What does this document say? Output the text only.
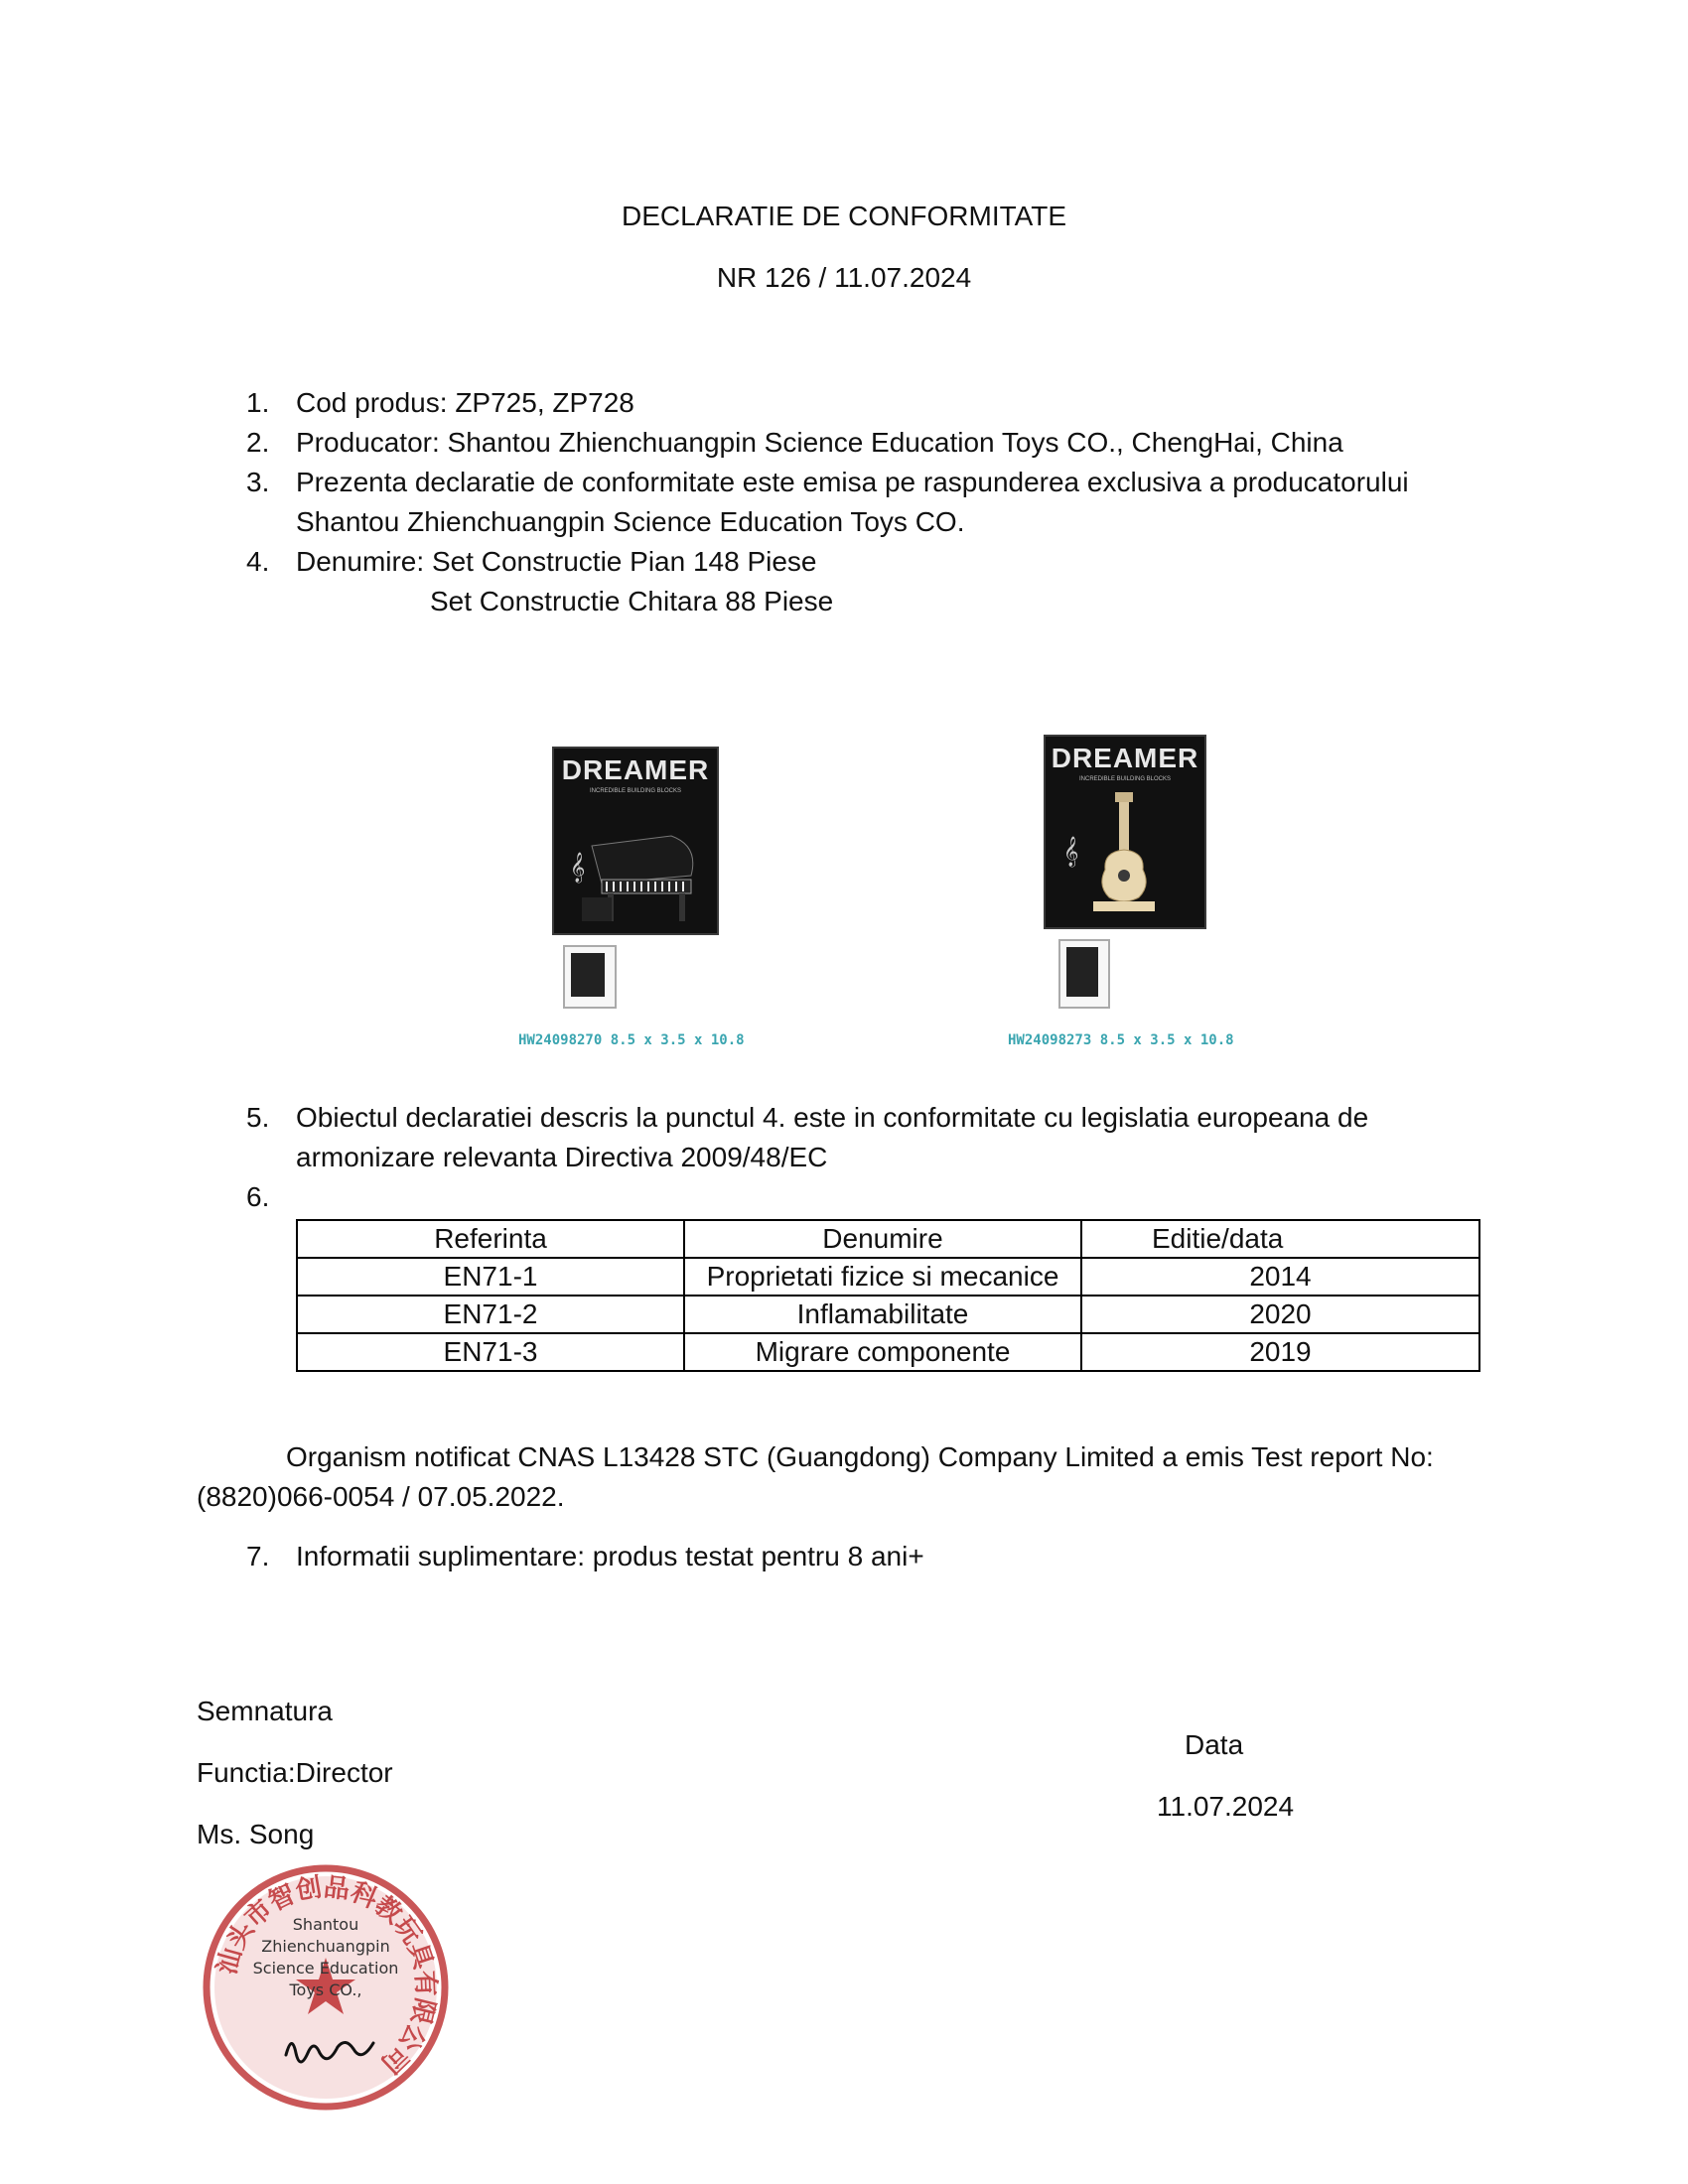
DECLARATIE DE CONFORMITATE
NR 126 / 11.07.2024
1. Cod produs: ZP725, ZP728
2. Producator: Shantou Zhienchuangpin Science Education Toys CO., ChengHai, China
3. Prezenta declaratie de conformitate este emisa pe raspunderea exclusiva a producatorului
Shantou Zhienchuangpin Science Education Toys CO.
4. Denumire: Set Constructie Pian 148 Piese
Set Constructie Chitara 88 Piese
DREAMER
INCREDIBLE BUILDING BLOCKS
𝄞
HW24098270 8.5 x 3.5 x 10.8
DREAMER
INCREDIBLE BUILDING BLOCKS
𝄞
HW24098273 8.5 x 3.5 x 10.8
5. Obiectul declaratiei descris la punctul 4. este in conformitate cu legislatia europeana de
armonizare relevanta Directiva 2009/48/EC
6.
Referinta	Denumire	Editie/data
EN71-1	Proprietati fizice si mecanice	2014
EN71-2	Inflamabilitate	2020
EN71-3	Migrare componente	2019
Organism notificat CNAS L13428 STC (Guangdong) Company Limited a emis Test report No:
(8820)066-0054 / 07.05.2022.
7. Informatii suplimentare: produs testat pentru 8 ani+
Semnatura
Functia:Director
Ms. Song
Data
11.07.2024
汕头市智创品科教玩具有限公司
Shantou
Zhienchuangpin
Science Education
Toys CO.,
